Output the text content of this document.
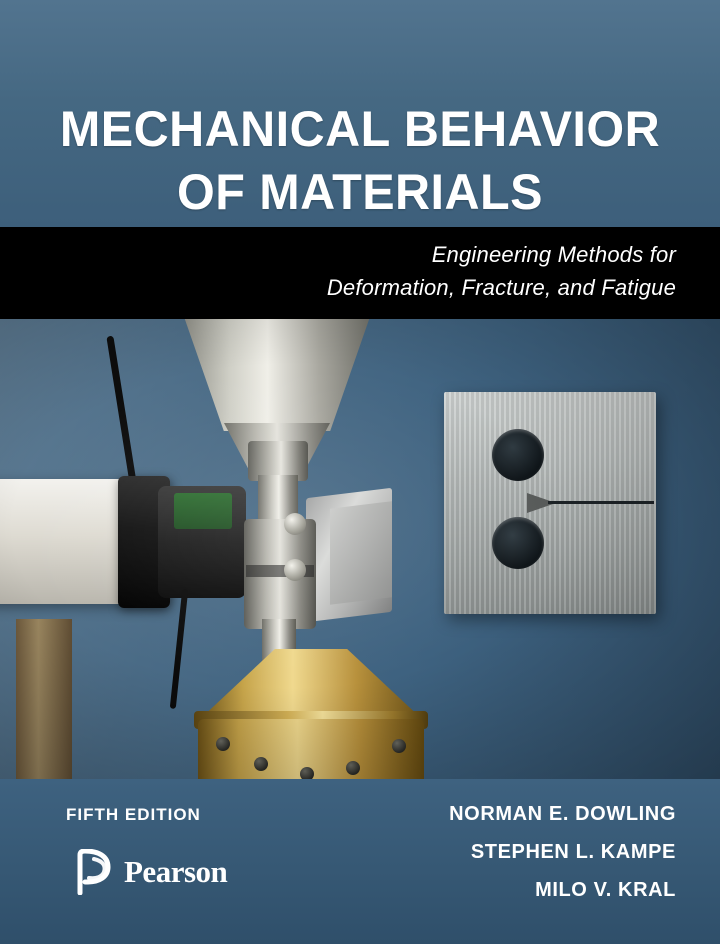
MECHANICAL BEHAVIOR
OF MATERIALS
Engineering Methods for
Deformation, Fracture, and Fatigue
FIFTH EDITION	NORMAN E. DOWLING
STEPHEN L. KAMPE
MILO V. KRAL
Pearson
